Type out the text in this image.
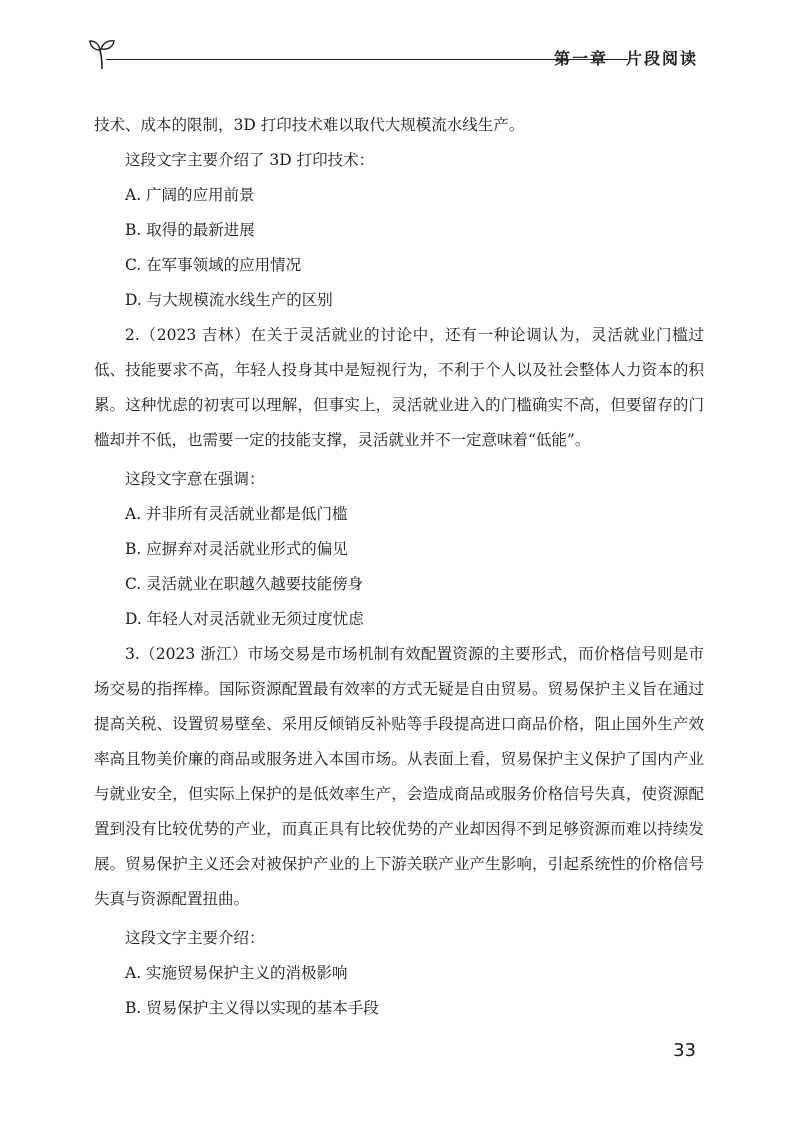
第一章　片段阅读

技术、成本的限制，3D 打印技术难以取代大规模流水线生产。

这段文字主要介绍了 3D 打印技术：

A. 广阔的应用前景

B. 取得的最新进展

C. 在军事领域的应用情况

D. 与大规模流水线生产的区别

2.（2023 吉林）在关于灵活就业的讨论中，还有一种论调认为，灵活就业门槛过低、技能要求不高，年轻人投身其中是短视行为，不利于个人以及社会整体人力资本的积累。这种忧虑的初衷可以理解，但事实上，灵活就业进入的门槛确实不高，但要留存的门槛却并不低，也需要一定的技能支撑，灵活就业并不一定意味着“低能”。

这段文字意在强调：

A. 并非所有灵活就业都是低门槛

B. 应摒弃对灵活就业形式的偏见

C. 灵活就业在职越久越要技能傍身

D. 年轻人对灵活就业无须过度忧虑

3.（2023 浙江）市场交易是市场机制有效配置资源的主要形式，而价格信号则是市场交易的指挥棒。国际资源配置最有效率的方式无疑是自由贸易。贸易保护主义旨在通过提高关税、设置贸易壁垒、采用反倾销反补贴等手段提高进口商品价格，阻止国外生产效率高且物美价廉的商品或服务进入本国市场。从表面上看，贸易保护主义保护了国内产业与就业安全，但实际上保护的是低效率生产，会造成商品或服务价格信号失真，使资源配置到没有比较优势的产业，而真正具有比较优势的产业却因得不到足够资源而难以持续发展。贸易保护主义还会对被保护产业的上下游关联产业产生影响，引起系统性的价格信号失真与资源配置扭曲。

这段文字主要介绍：

A. 实施贸易保护主义的消极影响

B. 贸易保护主义得以实现的基本手段

33
